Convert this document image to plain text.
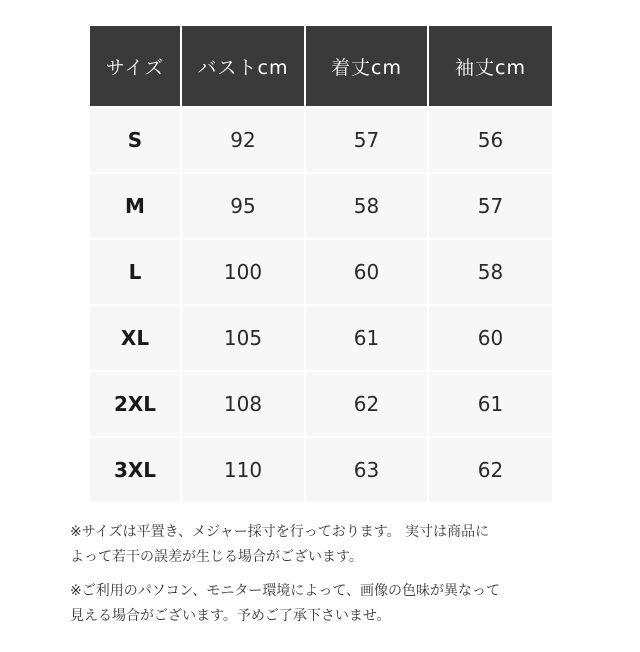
サイズ	バストcm	着丈cm	袖丈cm
S	92	57	56
M	95	58	57
L	100	60	58
XL	105	61	60
2XL	108	62	61
3XL	110	63	62
※サイズは平置き、メジャー採寸を行っております。 実寸は商品に
よって若干の誤差が生じる場合がございます。
※ご利用のパソコン、モニター環境によって、画像の色味が異なって
見える場合がございます。予めご了承下さいませ。
